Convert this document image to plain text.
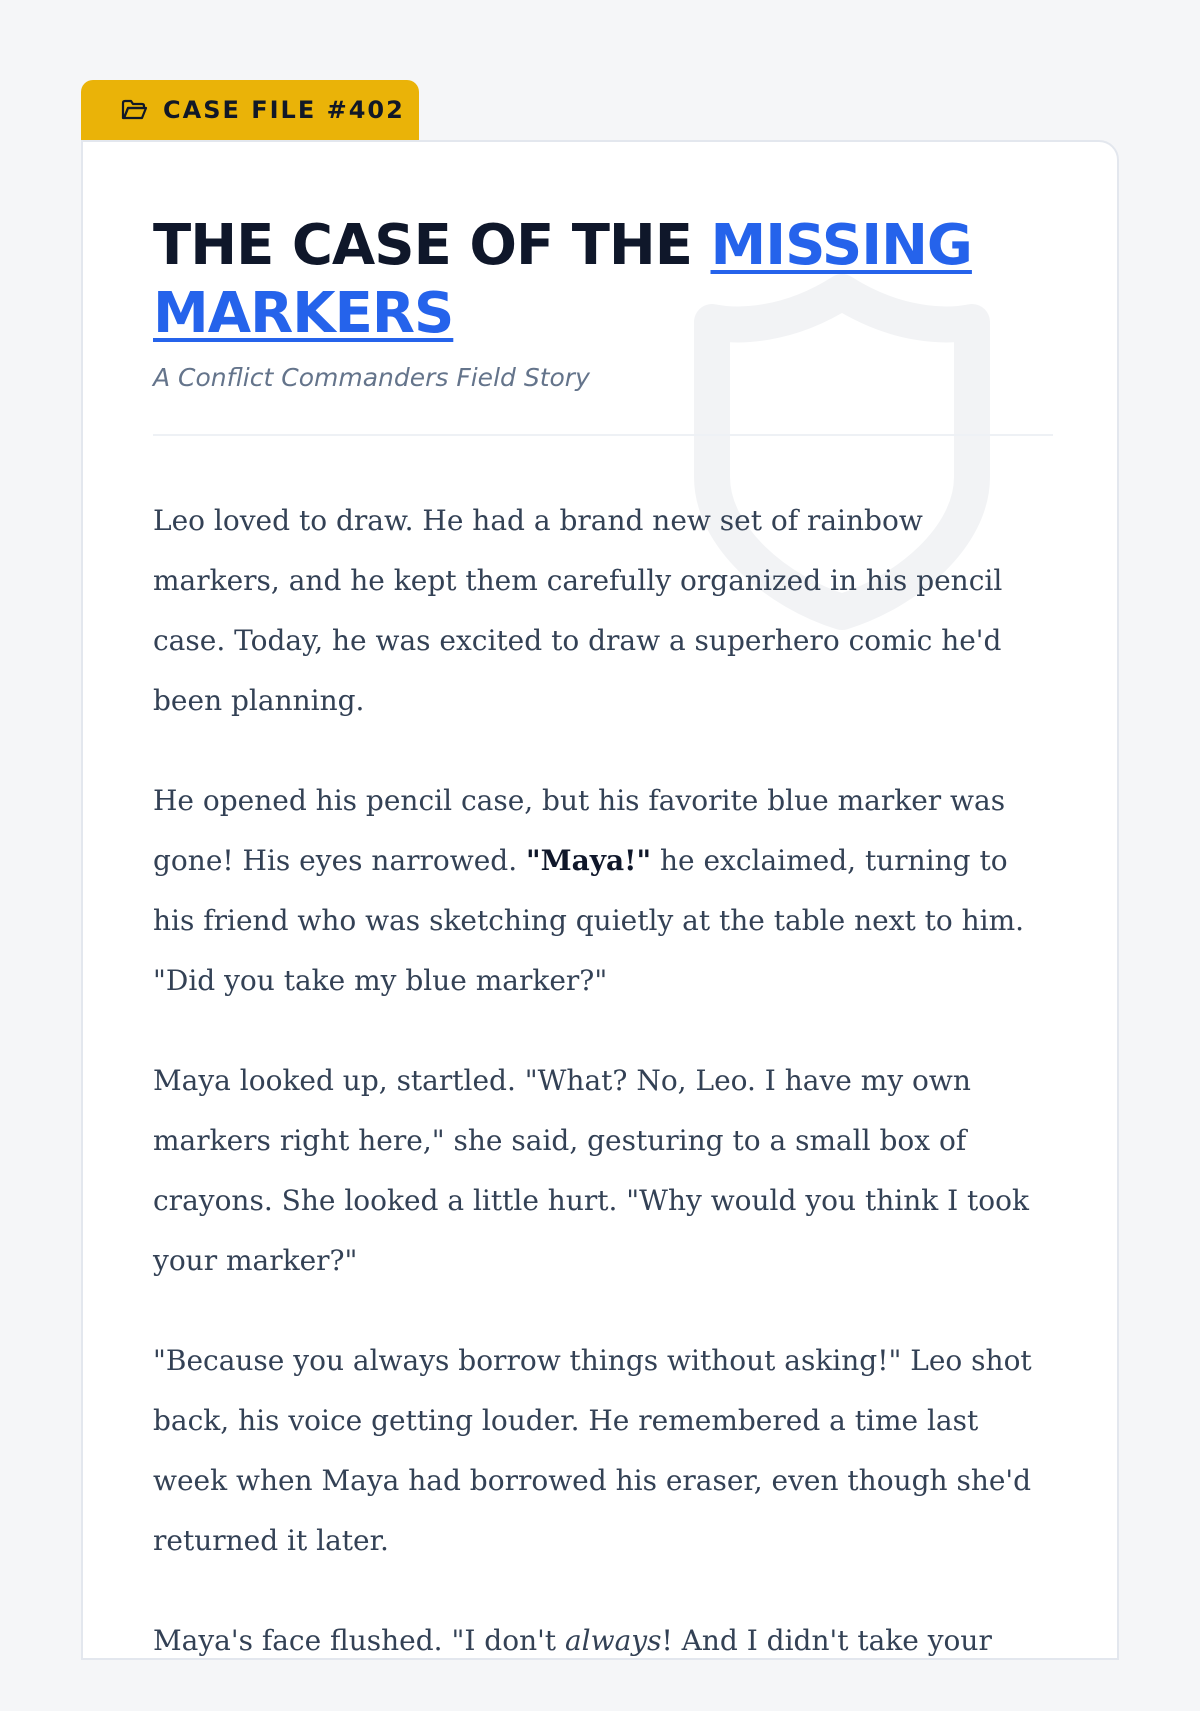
CASE FILE #402
THE CASE OF THE MISSING MARKERS

A Conflict Commanders Field Story

Leo loved to draw. He had a brand new set of rainbow markers, and he kept them carefully organized in his pencil case. Today, he was excited to draw a superhero comic he'd been planning.

He opened his pencil case, but his favorite blue marker was gone! His eyes narrowed. "Maya!" he exclaimed, turning to his friend who was sketching quietly at the table next to him. "Did you take my blue marker?"

Maya looked up, startled. "What? No, Leo. I have my own markers right here," she said, gesturing to a small box of crayons. She looked a little hurt. "Why would you think I took your marker?"

"Because you always borrow things without asking!" Leo shot back, his voice getting louder. He remembered a time last week when Maya had borrowed his eraser, even though she'd returned it later.

Maya's face flushed. "I don't always! And I didn't take your
